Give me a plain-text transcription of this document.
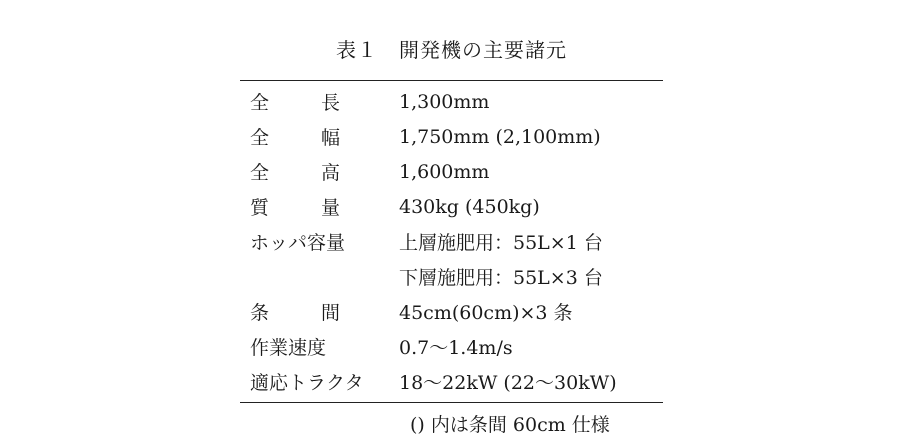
表１　開発機の主要諸元
全	長	1,300mm
全	幅	1,750mm (2,100mm)
全	高	1,600mm
質	量	430kg (450kg)
ホッパ容量	上層施肥用：55L×1 台
下層施肥用：55L×3 台
条	間	45cm(60cm)×3 条
作業速度	0.7～1.4m/s
適応トラクタ	18～22kW (22～30kW)
() 内は条間 60cm 仕様
